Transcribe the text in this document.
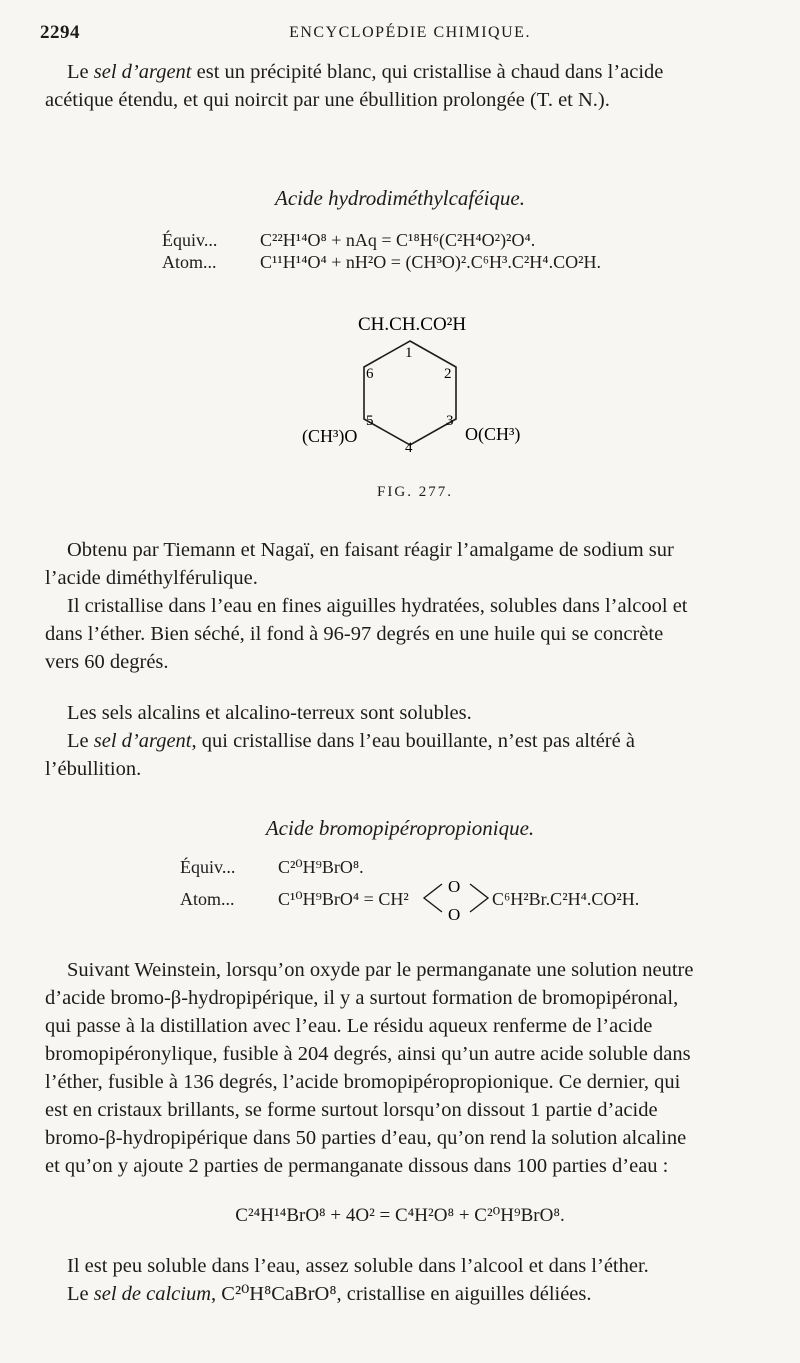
2294	ENCYCLOPÉDIE CHIMIQUE.
Le sel d’argent est un précipité blanc, qui cristallise à chaud dans l’acide
acétique étendu, et qui noircit par une ébullition prolongée (T. et N.).
Acide hydrodiméthylcaféique.
Équiv... C²²H¹⁴O⁸ + nAq = C¹⁸H⁶(C²H⁴O²)²O⁴.
Atom... C¹¹H¹⁴O⁴ + nH²O = (CH³O)².C⁶H³.C²H⁴.CO²H.
CH.CH.CO²H
1
2
3
4
5
6
(CH³)O	O(CH³)
FIG. 277.
Obtenu par Tiemann et Nagaï, en faisant réagir l’amalgame de sodium sur
l’acide diméthylférulique.
Il cristallise dans l’eau en fines aiguilles hydratées, solubles dans l’alcool et
dans l’éther. Bien séché, il fond à 96-97 degrés en une huile qui se concrète
vers 60 degrés.
Les sels alcalins et alcalino-terreux sont solubles.
Le sel d’argent, qui cristallise dans l’eau bouillante, n’est pas altéré à
l’ébullition.
Acide bromopipéropropionique.
Équiv... C²⁰H⁹BrO⁸.
Atom... C¹⁰H⁹BrO⁴ = CH²
O
O
C⁶H²Br.C²H⁴.CO²H.
Suivant Weinstein, lorsqu’on oxyde par le permanganate une solution neutre
d’acide bromo-β-hydropipérique, il y a surtout formation de bromopipéronal,
qui passe à la distillation avec l’eau. Le résidu aqueux renferme de l’acide
bromopipéronylique, fusible à 204 degrés, ainsi qu’un autre acide soluble dans
l’éther, fusible à 136 degrés, l’acide bromopipéropropionique. Ce dernier, qui
est en cristaux brillants, se forme surtout lorsqu’on dissout 1 partie d’acide
bromo-β-hydropipérique dans 50 parties d’eau, qu’on rend la solution alcaline
et qu’on y ajoute 2 parties de permanganate dissous dans 100 parties d’eau :
C²⁴H¹⁴BrO⁸ + 4O² = C⁴H²O⁸ + C²⁰H⁹BrO⁸.
Il est peu soluble dans l’eau, assez soluble dans l’alcool et dans l’éther.
Le sel de calcium, C²⁰H⁸CaBrO⁸, cristallise en aiguilles déliées.
